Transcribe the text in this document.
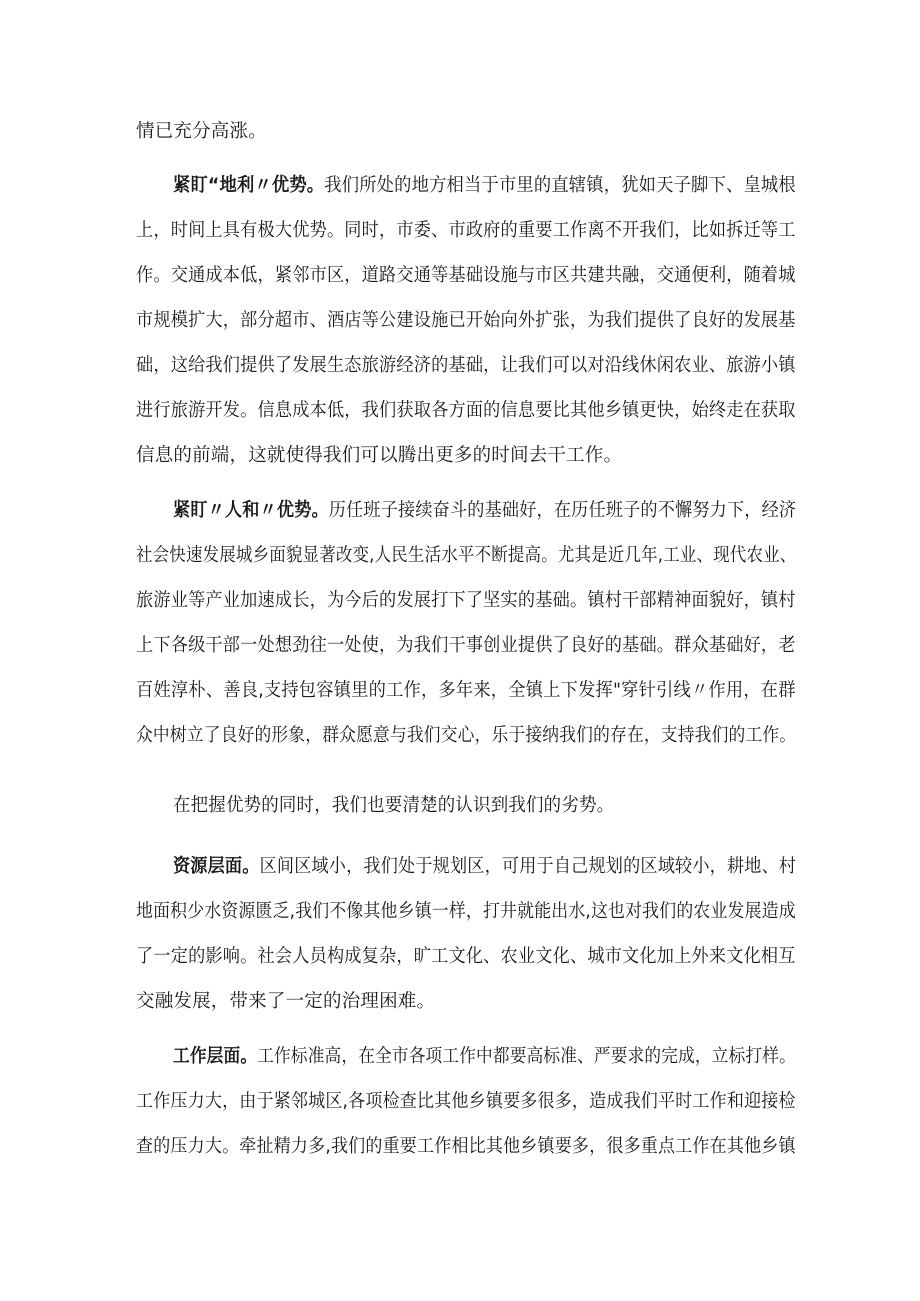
情已充分高涨。
紧盯“地利〃优势。我们所处的地方相当于市里的直辖镇，犹如天子脚下、皇城根
上，时间上具有极大优势。同时，市委、市政府的重要工作离不开我们，比如拆迁等工
作。交通成本低，紧邻市区，道路交通等基础设施与市区共建共融，交通便利，随着城
市规模扩大，部分超市、酒店等公建设施已开始向外扩张，为我们提供了良好的发展基
础，这给我们提供了发展生态旅游经济的基础，让我们可以对沿线休闲农业、旅游小镇
进行旅游开发。信息成本低，我们获取各方面的信息要比其他乡镇更快，始终走在获取
信息的前端，这就使得我们可以腾出更多的时间去干工作。
紧盯〃人和〃优势。历任班子接续奋斗的基础好，在历任班子的不懈努力下，经济
社会快速发展城乡面貌显著改变,人民生活水平不断提高。尤其是近几年,工业、现代农业、
旅游业等产业加速成长，为今后的发展打下了坚实的基础。镇村干部精神面貌好，镇村
上下各级干部一处想劲往一处使，为我们干事创业提供了良好的基础。群众基础好，老
百姓淳朴、善良,支持包容镇里的工作，多年来，全镇上下发挥"穿针引线〃作用，在群
众中树立了良好的形象，群众愿意与我们交心，乐于接纳我们的存在，支持我们的工作。
在把握优势的同时，我们也要清楚的认识到我们的劣势。
资源层面。区间区域小，我们处于规划区，可用于自己规划的区域较小，耕地、村
地面积少水资源匮乏,我们不像其他乡镇一样，打井就能出水,这也对我们的农业发展造成
了一定的影响。社会人员构成复杂，旷工文化、农业文化、城市文化加上外来文化相互
交融发展，带来了一定的治理困难。
工作层面。工作标准高，在全市各项工作中都要高标准、严要求的完成，立标打样。
工作压力大，由于紧邻城区,各项检查比其他乡镇要多很多，造成我们平时工作和迎接检
查的压力大。牵扯精力多,我们的重要工作相比其他乡镇要多，很多重点工作在其他乡镇
